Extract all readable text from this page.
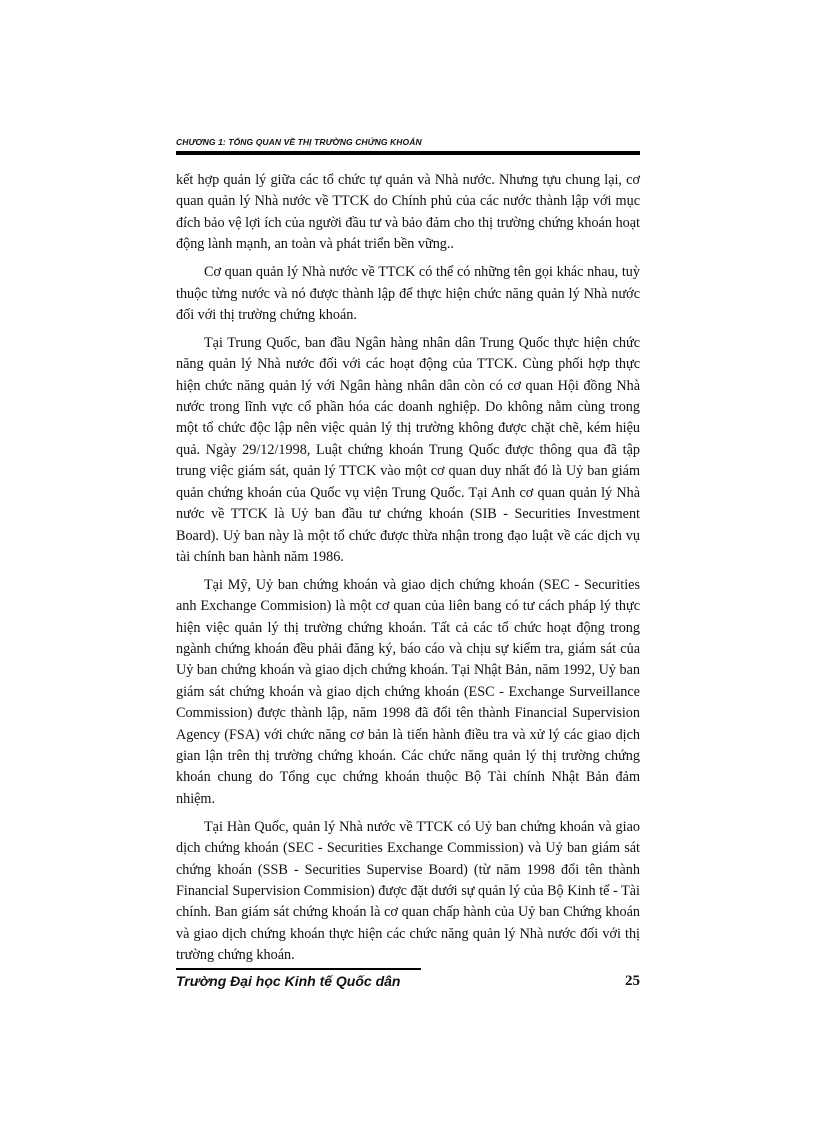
CHƯƠNG 1: TỔNG QUAN VỀ THỊ TRƯỜNG CHỨNG KHOÁN

kết hợp quản lý giữa các tổ chức tự quản và Nhà nước. Nhưng tựu chung lại, cơ quan quản lý Nhà nước về TTCK do Chính phủ của các nước thành lập với mục đích bảo vệ lợi ích của người đầu tư và bảo đảm cho thị trường chứng khoán hoạt động lành mạnh, an toàn và phát triển bền vững..

Cơ quan quản lý Nhà nước về TTCK có thể có những tên gọi khác nhau, tuỳ thuộc từng nước và nó được thành lập để thực hiện chức năng quản lý Nhà nước đối với thị trường chứng khoán.

Tại Trung Quốc, ban đầu Ngân hàng nhân dân Trung Quốc thực hiện chức năng quản lý Nhà nước đối với các hoạt động của TTCK. Cùng phối hợp thực hiện chức năng quản lý với Ngân hàng nhân dân còn có cơ quan Hội đồng Nhà nước trong lĩnh vực cổ phần hóa các doanh nghiệp. Do không nằm cùng trong một tổ chức độc lập nên việc quản lý thị trường không được chặt chẽ, kém hiệu quả. Ngày 29/12/1998, Luật chứng khoán Trung Quốc được thông qua đã tập trung việc giám sát, quản lý TTCK vào một cơ quan duy nhất đó là Uỷ ban giám quản chứng khoán của Quốc vụ viện Trung Quốc. Tại Anh cơ quan quản lý Nhà nước về TTCK là Uỷ ban đầu tư chứng khoán (SIB - Securities Investment Board). Uỷ ban này là một tổ chức được thừa nhận trong đạo luật về các dịch vụ tài chính ban hành năm 1986.

Tại Mỹ, Uỷ ban chứng khoán và giao dịch chứng khoán (SEC - Securities anh Exchange Commision) là một cơ quan của liên bang có tư cách pháp lý thực hiện việc quản lý thị trường chứng khoán. Tất cả các tổ chức hoạt động trong ngành chứng khoán đều phải đăng ký, báo cáo và chịu sự kiểm tra, giám sát của Uỷ ban chứng khoán và giao dịch chứng khoán. Tại Nhật Bản, năm 1992, Uỷ ban giám sát chứng khoán và giao dịch chứng khoán (ESC - Exchange Surveillance Commission) được thành lập, năm 1998 đã đổi tên thành Financial Supervision Agency (FSA) với chức năng cơ bản là tiến hành điều tra và xử lý các giao dịch gian lận trên thị trường chứng khoán. Các chức năng quản lý thị trường chứng khoán chung do Tổng cục chứng khoán thuộc Bộ Tài chính Nhật Bản đảm nhiệm.

Tại Hàn Quốc, quản lý Nhà nước về TTCK có Uỷ ban chứng khoán và giao dịch chứng khoán (SEC - Securities Exchange Commission) và Uỷ ban giám sát chứng khoán (SSB - Securities Supervise Board) (từ năm 1998 đổi tên thành Financial Supervision Commision) được đặt dưới sự quản lý của Bộ Kinh tế - Tài chính. Ban giám sát chứng khoán là cơ quan chấp hành của Uỷ ban Chứng khoán và giao dịch chứng khoán thực hiện các chức năng quản lý Nhà nước đối với thị trường chứng khoán.

Trường Đại học Kinh tế Quốc dân	25
